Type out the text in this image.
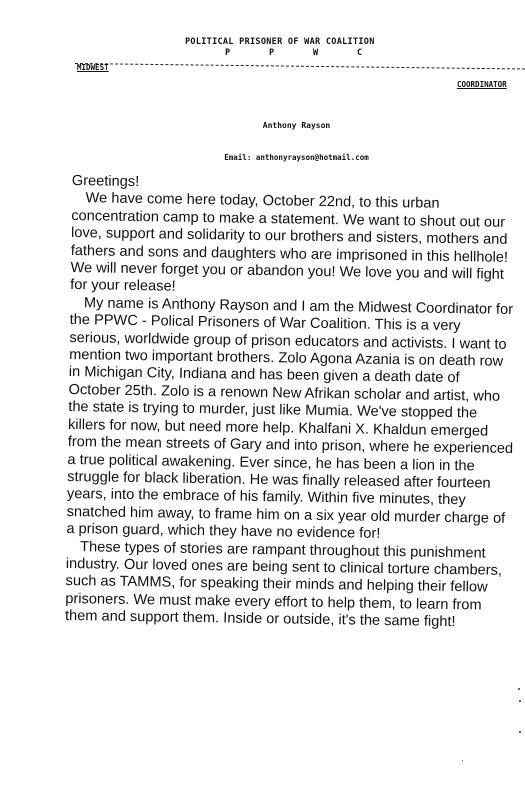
POLITICAL PRISONER OF WAR COALITION
P	P	W	C
MIDWEST
COORDINATOR
Anthony Rayson
Email: anthonyrayson@hotmail.com

Greetings!

We have come here today, October 22nd, to this urban concentration camp to make a statement. We want to shout out our love, support and solidarity to our brothers and sisters, mothers and fathers and sons and daughters who are imprisoned in this hellhole! We will never forget you or abandon you! We love you and will fight for your release!

My name is Anthony Rayson and I am the Midwest Coordinator for the PPWC - Polical Prisoners of War Coalition. This is a very serious, worldwide group of prison educators and activists. I want to mention two important brothers. Zolo Agona Azania is on death row in Michigan City, Indiana and has been given a death date of October 25th. Zolo is a renown New Afrikan scholar and artist, who the state is trying to murder, just like Mumia. We've stopped the killers for now, but need more help. Khalfani X. Khaldun emerged from the mean streets of Gary and into prison, where he experienced a true political awakening. Ever since, he has been a lion in the struggle for black liberation. He was finally released after fourteen years, into the embrace of his family. Within five minutes, they snatched him away, to frame him on a six year old murder charge of a prison guard, which they have no evidence for!

These types of stories are rampant throughout this punishment industry. Our loved ones are being sent to clinical torture chambers, such as TAMMS, for speaking their minds and helping their fellow prisoners. We must make every effort to help them, to learn from them and support them. Inside or outside, it's the same fight!
